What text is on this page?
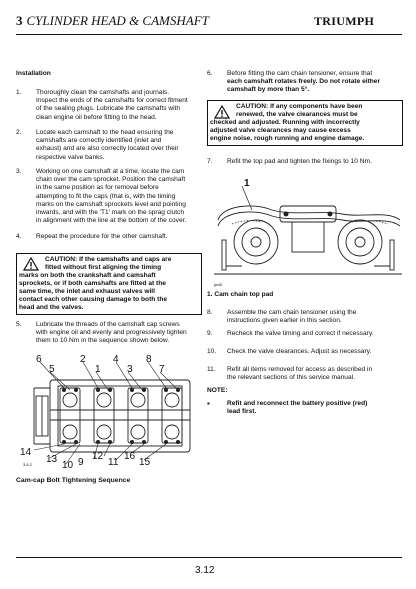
3 CYLINDER HEAD & CAMSHAFT	TRIUMPH
Installation
1. Thoroughly clean the camshafts and journals.

Inspect the ends of the camshafts for correct fitment

of the sealing plugs. Lubricate the camshafts with

clean engine oil before fitting to the head.

2. Locate each camshaft to the head ensuring the

camshafts are correctly identified (inlet and

exhaust) and are also correctly located over their

respective valve banks.

3. Working on one camshaft at a time, locate the cam

chain over the cam sprocket. Position the camshaft

in the same position as for removal before

attempting to fit the caps (that is, with the timing

marks on the camshaft sprockets level and pointing

inwards, and with the 'T1' mark on the sprag clutch

in alignment with the line at the bottom of the cover.

4. Repeat the procedure for the other camshaft.
CAUTION: If the camshafts and caps are
fitted without first aligning the timing
marks on both the crankshaft and camshaft
sprockets, or if both camshafts are fitted at the
same time, the inlet and exhaust valves will
contact each other causing damage to both the
head and the valves.
5. Lubricate the threads of the camshaft cap screws

with engine oil and evenly and progressively tighten

them to 10 Nm in the sequence shown below.

6	2	4	8
5	1	3	7
14
13
10 9
12
11
16
15
3.6.2
Cam-cap Bolt Tightening Sequence
6. Before fitting the cam chain tensioner, ensure that

each camshaft rotates freely. Do not rotate either

camshaft by more than 5°.

CAUTION: If any components have been
renewed, the valve clearances must be
checked and adjusted. Running with incorrectly
adjusted valve clearances may cause excess
engine noise, rough running and engine damage.
7. Refit the top pad and tighten the fixings to 10 Nm.
1
jw40
1. Cam chain top pad
8. Assemble the cam chain tensioner using the

instructions given earlier in this section.

9. Recheck the valve timing and correct if necessary.
10. Check the valve clearances. Adjust as necessary.
11. Refit all items removed for access as described in

the relevant sections of this service manual.

NOTE:
▪	Refit and reconnect the battery positive (red)

lead first.

3.12
